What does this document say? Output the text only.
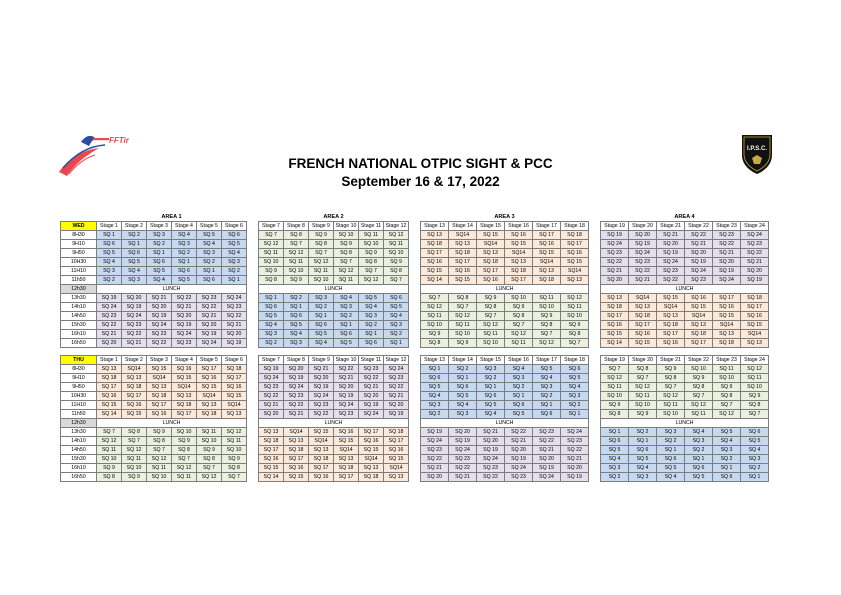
FRENCH NATIONAL OTPIC SIGHT & PCC
September 16 & 17, 2022
FFTir
I.P.S.C.
	AREA 1							AREA 2							AREA 3							AREA 4					
WED	Stage 1	Stage 2	Stage 3	Stage 4	Stage 5	Stage 6		Stage 7	Stage 8	Stage 9	Stage 10	Stage 11	Stage 12		Stage 13	Stage 14	Stage 15	Stage 16	Stage 17	Stage 18		Stage 19	Stage 20	Stage 21	Stage 22	Stage 23	Stage 24
8H30	SQ 1	SQ 2	SQ 3	SQ 4	SQ 5	SQ 6		SQ 7	SQ 8	SQ 9	SQ 10	SQ 11	SQ 12		SQ 13	SQ14	SQ 15	SQ 16	SQ 17	SQ 18		SQ 19	SQ 20	SQ 21	SQ 22	SQ 23	SQ 24
9H10	SQ 6	SQ 1	SQ 2	SQ 3	SQ 4	SQ 5		SQ 12	SQ 7	SQ 8	SQ 9	SQ 10	SQ 11		SQ 18	SQ 13	SQ14	SQ 15	SQ 16	SQ 17		SQ 24	SQ 19	SQ 20	SQ 21	SQ 22	SQ 23
9H50	SQ 5	SQ 6	SQ 1	SQ 2	SQ 3	SQ 4		SQ 11	SQ 12	SQ 7	SQ 8	SQ 9	SQ 10		SQ 17	SQ 18	SQ 13	SQ14	SQ 15	SQ 16		SQ 23	SQ 24	SQ 19	SQ 20	SQ 21	SQ 22
10H30	SQ 4	SQ 5	SQ 6	SQ 1	SQ 2	SQ 3		SQ 10	SQ 11	SQ 12	SQ 7	SQ 8	SQ 9		SQ 16	SQ 17	SQ 18	SQ 13	SQ14	SQ 15		SQ 22	SQ 23	SQ 24	SQ 19	SQ 20	SQ 21
11H10	SQ 3	SQ 4	SQ 5	SQ 6	SQ 1	SQ 2		SQ 9	SQ 10	SQ 11	SQ 12	SQ 7	SQ 8		SQ 15	SQ 16	SQ 17	SQ 18	SQ 13	SQ14		SQ 21	SQ 22	SQ 23	SQ 24	SQ 19	SQ 20
11h50	SQ 2	SQ 3	SQ 4	SQ 5	SQ 6	SQ 1		SQ 8	SQ 9	SQ 10	SQ 11	SQ 12	SQ 7		SQ 14	SQ 15	SQ 16	SQ 17	SQ 18	SQ 13		SQ 20	SQ 21	SQ 22	SQ 23	SQ 24	SQ 19
12h30	LUNCH							LUNCH							LUNCH							LUNCH					
13h30	SQ 19	SQ 20	SQ 21	SQ 22	SQ 23	SQ 24		SQ 1	SQ 2	SQ 3	SQ 4	SQ 5	SQ 6		SQ 7	SQ 8	SQ 9	SQ 10	SQ 11	SQ 12		SQ 13	SQ14	SQ 15	SQ 16	SQ 17	SQ 18
14h10	SQ 24	SQ 19	SQ 20	SQ 21	SQ 22	SQ 23		SQ 6	SQ 1	SQ 2	SQ 3	SQ 4	SQ 5		SQ 12	SQ 7	SQ 8	SQ 9	SQ 10	SQ 11		SQ 18	SQ 13	SQ14	SQ 15	SQ 16	SQ 17
14h50	SQ 23	SQ 24	SQ 19	SQ 20	SQ 21	SQ 22		SQ 5	SQ 6	SQ 1	SQ 2	SQ 3	SQ 4		SQ 11	SQ 12	SQ 7	SQ 8	SQ 9	SQ 10		SQ 17	SQ 18	SQ 13	SQ14	SQ 15	SQ 16
15h30	SQ 22	SQ 23	SQ 24	SQ 19	SQ 20	SQ 21		SQ 4	SQ 5	SQ 6	SQ 1	SQ 2	SQ 3		SQ 10	SQ 11	SQ 12	SQ 7	SQ 8	SQ 9		SQ 16	SQ 17	SQ 18	SQ 13	SQ14	SQ 15
16h10	SQ 21	SQ 22	SQ 23	SQ 24	SQ 19	SQ 20		SQ 3	SQ 4	SQ 5	SQ 6	SQ 1	SQ 2		SQ 9	SQ 10	SQ 11	SQ 12	SQ 7	SQ 8		SQ 15	SQ 16	SQ 17	SQ 18	SQ 13	SQ14
16h50	SQ 20	SQ 21	SQ 22	SQ 23	SQ 24	SQ 19		SQ 2	SQ 3	SQ 4	SQ 5	SQ 6	SQ 1		SQ 8	SQ 9	SQ 10	SQ 11	SQ 12	SQ 7		SQ 14	SQ 15	SQ 16	SQ 17	SQ 18	SQ 13
THU	Stage 1	Stage 2	Stage 3	Stage 4	Stage 5	Stage 6		Stage 7	Stage 8	Stage 9	Stage 10	Stage 11	Stage 12		Stage 13	Stage 14	Stage 15	Stage 16	Stage 17	Stage 18		Stage 19	Stage 20	Stage 21	Stage 22	Stage 23	Stage 24
8H30	SQ 13	SQ14	SQ 15	SQ 16	SQ 17	SQ 18		SQ 19	SQ 20	SQ 21	SQ 22	SQ 23	SQ 24		SQ 1	SQ 2	SQ 3	SQ 4	SQ 5	SQ 6		SQ 7	SQ 8	SQ 9	SQ 10	SQ 11	SQ 12
9H10	SQ 18	SQ 13	SQ14	SQ 15	SQ 16	SQ 17		SQ 24	SQ 19	SQ 20	SQ 21	SQ 22	SQ 23		SQ 6	SQ 1	SQ 2	SQ 3	SQ 4	SQ 5		SQ 12	SQ 7	SQ 8	SQ 9	SQ 10	SQ 11
9H50	SQ 17	SQ 18	SQ 13	SQ14	SQ 15	SQ 16		SQ 23	SQ 24	SQ 19	SQ 20	SQ 21	SQ 22		SQ 5	SQ 6	SQ 1	SQ 2	SQ 3	SQ 4		SQ 11	SQ 12	SQ 7	SQ 8	SQ 9	SQ 10
10H30	SQ 16	SQ 17	SQ 18	SQ 13	SQ14	SQ 15		SQ 22	SQ 23	SQ 24	SQ 19	SQ 20	SQ 21		SQ 4	SQ 5	SQ 6	SQ 1	SQ 2	SQ 3		SQ 10	SQ 11	SQ 12	SQ 7	SQ 8	SQ 9
11H10	SQ 15	SQ 16	SQ 17	SQ 18	SQ 13	SQ14		SQ 21	SQ 22	SQ 23	SQ 24	SQ 19	SQ 20		SQ 3	SQ 4	SQ 5	SQ 6	SQ 1	SQ 2		SQ 9	SQ 10	SQ 11	SQ 12	SQ 7	SQ 8
11h50	SQ 14	SQ 15	SQ 16	SQ 17	SQ 18	SQ 13		SQ 20	SQ 21	SQ 22	SQ 23	SQ 24	SQ 19		SQ 2	SQ 3	SQ 4	SQ 5	SQ 6	SQ 1		SQ 8	SQ 9	SQ 10	SQ 11	SQ 12	SQ 7
12h30	LUNCH							LUNCH							LUNCH							LUNCH					
13h30	SQ 7	SQ 8	SQ 9	SQ 10	SQ 11	SQ 12		SQ 13	SQ14	SQ 15	SQ 16	SQ 17	SQ 18		SQ 19	SQ 20	SQ 21	SQ 22	SQ 23	SQ 24		SQ 1	SQ 2	SQ 3	SQ 4	SQ 5	SQ 6
14h10	SQ 12	SQ 7	SQ 8	SQ 9	SQ 10	SQ 11		SQ 18	SQ 13	SQ14	SQ 15	SQ 16	SQ 17		SQ 24	SQ 19	SQ 20	SQ 21	SQ 22	SQ 23		SQ 6	SQ 1	SQ 2	SQ 3	SQ 4	SQ 5
14h50	SQ 11	SQ 12	SQ 7	SQ 8	SQ 9	SQ 10		SQ 17	SQ 18	SQ 13	SQ14	SQ 15	SQ 16		SQ 23	SQ 24	SQ 19	SQ 20	SQ 21	SQ 22		SQ 5	SQ 6	SQ 1	SQ 2	SQ 3	SQ 4
15h30	SQ 10	SQ 11	SQ 12	SQ 7	SQ 8	SQ 9		SQ 16	SQ 17	SQ 18	SQ 13	SQ14	SQ 15		SQ 22	SQ 23	SQ 24	SQ 19	SQ 20	SQ 21		SQ 4	SQ 5	SQ 6	SQ 1	SQ 2	SQ 3
16h10	SQ 9	SQ 10	SQ 11	SQ 12	SQ 7	SQ 8		SQ 15	SQ 16	SQ 17	SQ 18	SQ 13	SQ14		SQ 21	SQ 22	SQ 23	SQ 24	SQ 19	SQ 20		SQ 3	SQ 4	SQ 5	SQ 6	SQ 1	SQ 2
16h50	SQ 8	SQ 9	SQ 10	SQ 11	SQ 12	SQ 7		SQ 14	SQ 15	SQ 16	SQ 17	SQ 18	SQ 13		SQ 20	SQ 21	SQ 22	SQ 23	SQ 24	SQ 19		SQ 2	SQ 3	SQ 4	SQ 5	SQ 6	SQ 1
